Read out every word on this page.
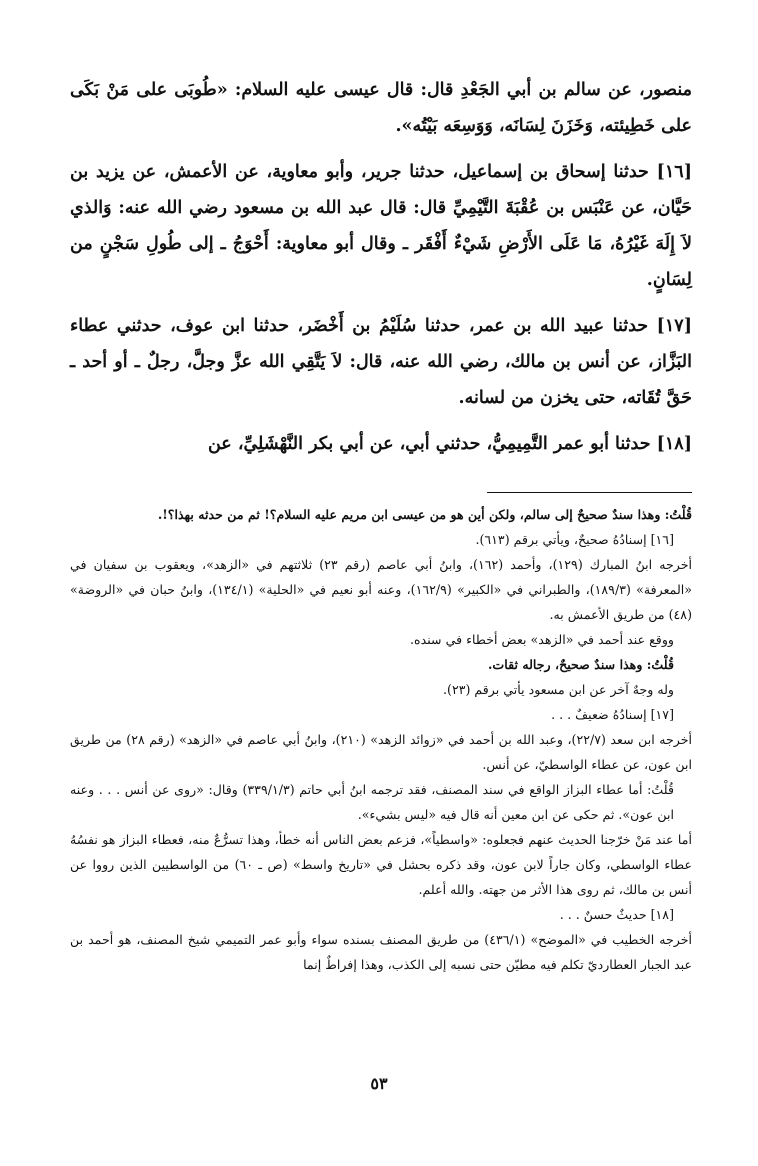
منصور، عن سالم بن أبي الجَعْدِ قال: قال عيسى عليه السلام: «طُوبَى على مَنْ بَكَى على خَطِيئته، وَخَزَنَ لِسَانَه، وَوَسِعَه بَيْتُه».

[١٦] حدثنا إسحاق بن إسماعيل، حدثنا جرير، وأبو معاوية، عن الأعمش، عن يزيد بن حَيَّان، عن عَنْبَس بن عُقْبَةَ التَّيْمِيِّ قال: قال عبد الله بن مسعود رضي الله عنه: وَالذي لاَ إِلَهَ غَيْرُهُ، مَا عَلَى الأَرْضِ شَيْءٌ أَفْقَر ـ وقال أبو معاوية: أَحْوَجُ ـ إلى طُولِ سَجْنٍ من لِسَانٍ.

[١٧] حدثنا عبيد الله بن عمر، حدثنا سُلَيْمُ بن أَخْضَر، حدثنا ابن عوف، حدثني عطاء البَزَّاز، عن أنس بن مالك، رضي الله عنه، قال: لاَ يَتَّقِي الله عزَّ وجلَّ، رجلٌ ـ أو أحد ـ حَقَّ تُقَاته، حتى يخزن من لسانه.

[١٨] حدثنا أبو عمر التَّمِيمِيُّ، حدثني أبي، عن أبي بكر النَّهْشَلِيِّ، عن

قُلْتُ: وهذا سندٌ صحيحٌ إلى سالم، ولكن أين هو من عيسى ابن مريم عليه السلام؟! ثم من حدثه بهذا؟!.

[١٦] إسنادُهُ صحيحٌ، ويأتي برقم (٦١٣).

أخرجه ابنُ المبارك (١٢٩)، وأحمد (١٦٢)، وابنُ أبي عاصم (رقم ٢٣) ثلاثتهم في «الزهد»، ويعقوب بن سفيان في «المعرفة» (١٨٩/٣)، والطبراني في «الكبير» (١٦٢/٩)، وعنه أبو نعيم في «الحلية» (١٣٤/١)، وابنُ حبان في «الروضة» (٤٨) من طريق الأعمش به.

ووقع عند أحمد في «الزهد» بعض أخطاء في سنده.

قُلْتُ: وهذا سندٌ صحيحٌ، رجاله ثقات.

وله وجهٌ آخر عن ابن مسعود يأتي برقم (٢٣).

[١٧] إسنادُهُ ضعيفٌ . . .

أخرجه ابن سعد (٢٢/٧)، وعبد الله بن أحمد في «زوائد الزهد» (٢١٠)، وابنُ أبي عاصم في «الزهد» (رقم ٢٨) من طريق ابن عون، عن عطاء الواسطيّ، عن أنس.

قُلْتُ: أما عطاء البزاز الواقع في سند المصنف، فقد ترجمه ابنُ أبي حاتم (٣٣٩/١/٣) وقال: «روى عن أنس . . . وعنه ابن عون». ثم حكى عن ابن معين أنه قال فيه «ليس بشيء».

أما عند مَنْ خرّجنا الحديث عنهم فجعلوه: «واسطياً»، فزعم بعض الناس أنه خطأ، وهذا تسرُّعٌ منه، فعطاء البزاز هو نفسُهُ عطاء الواسطي، وكان جاراً لابن عون، وقد ذكره بحشل في «تاريخ واسط» (ص ـ ٦٠) من الواسطيين الذين رووا عن أنس بن مالك، ثم روى هذا الأثر من جهته. والله أعلم.

[١٨] حديثٌ حسنٌ . . .

أخرجه الخطيب في «الموضح» (٤٣٦/١) من طريق المصنف بسنده سواء وأبو عمر التميمي شيخ المصنف، هو أحمد بن عبد الجبار العطارديّ تكلم فيه مطيّن حتى نسبه إلى الكذب، وهذا إفراطٌ إنما

٥٣
